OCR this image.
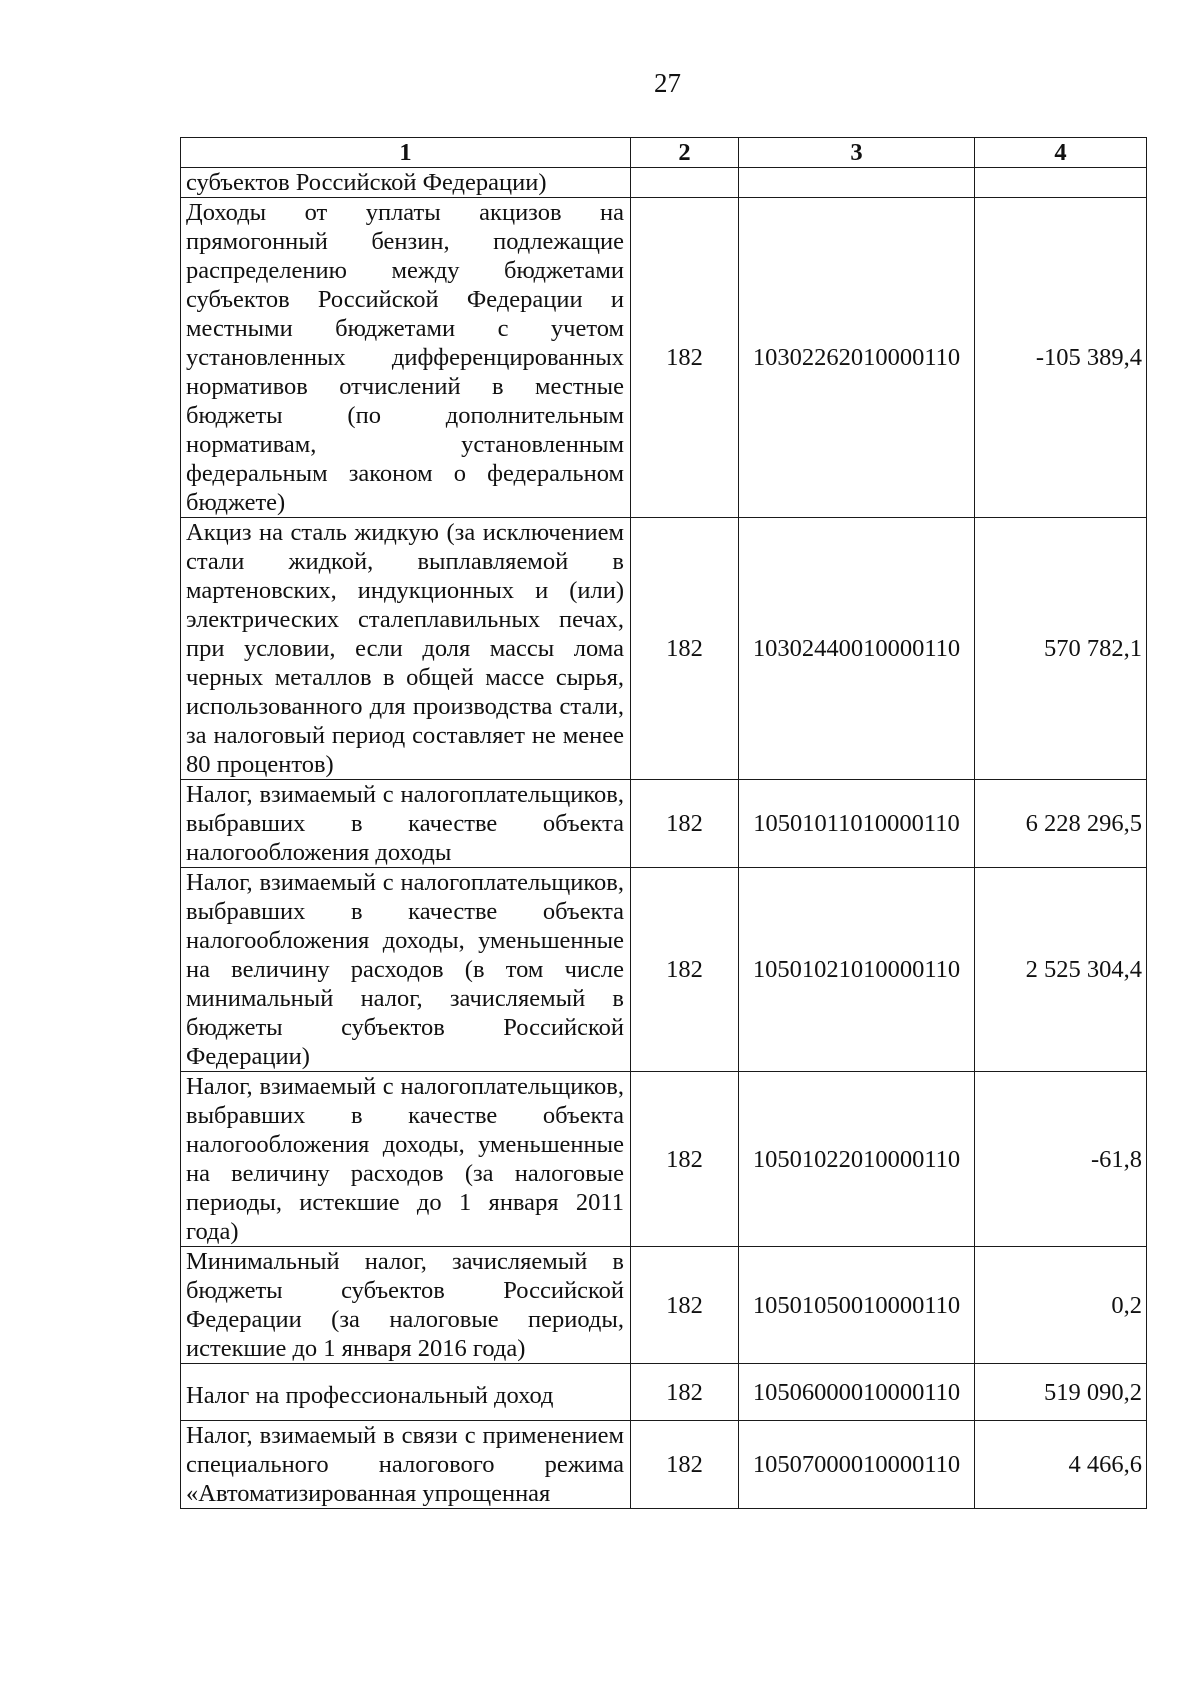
27
1	2	3	4
субъектов Российской Федерации)			
Доходы от уплаты акцизов на прямогонный бензин, подлежащие распределению между бюджетами субъектов Российской Федерации и местными бюджетами с учетом установленных дифференцированных нормативов отчислений в местные бюджеты (по дополнительным нормативам, установленным федеральным законом о федеральном бюджете)	182	10302262010000110	-105 389,4
Акциз на сталь жидкую (за исключением стали жидкой, выплавляемой в мартеновских, индукционных и (или) электрических сталеплавильных печах, при условии, если доля массы лома черных металлов в общей массе сырья, использованного для производства стали, за налоговый период составляет не менее 80 процентов)	182	10302440010000110	570 782,1
Налог, взимаемый с налогоплательщиков, выбравших в качестве объекта налогообложения доходы	182	10501011010000110	6 228 296,5
Налог, взимаемый с налогоплательщиков, выбравших в качестве объекта налогообложения доходы, уменьшенные на величину расходов (в том числе минимальный налог, зачисляемый в бюджеты субъектов Российской Федерации)	182	10501021010000110	2 525 304,4
Налог, взимаемый с налогоплательщиков, выбравших в качестве объекта налогообложения доходы, уменьшенные на величину расходов (за налоговые периоды, истекшие до 1 января 2011 года)	182	10501022010000110	-61,8
Минимальный налог, зачисляемый в бюджеты субъектов Российской Федерации (за налоговые периоды, истекшие до 1 января 2016 года)	182	10501050010000110	0,2
Налог на профессиональный доход	182	10506000010000110	519 090,2
Налог, взимаемый в связи с применением специального налогового режима «Автоматизированная упрощенная	182	10507000010000110	4 466,6
